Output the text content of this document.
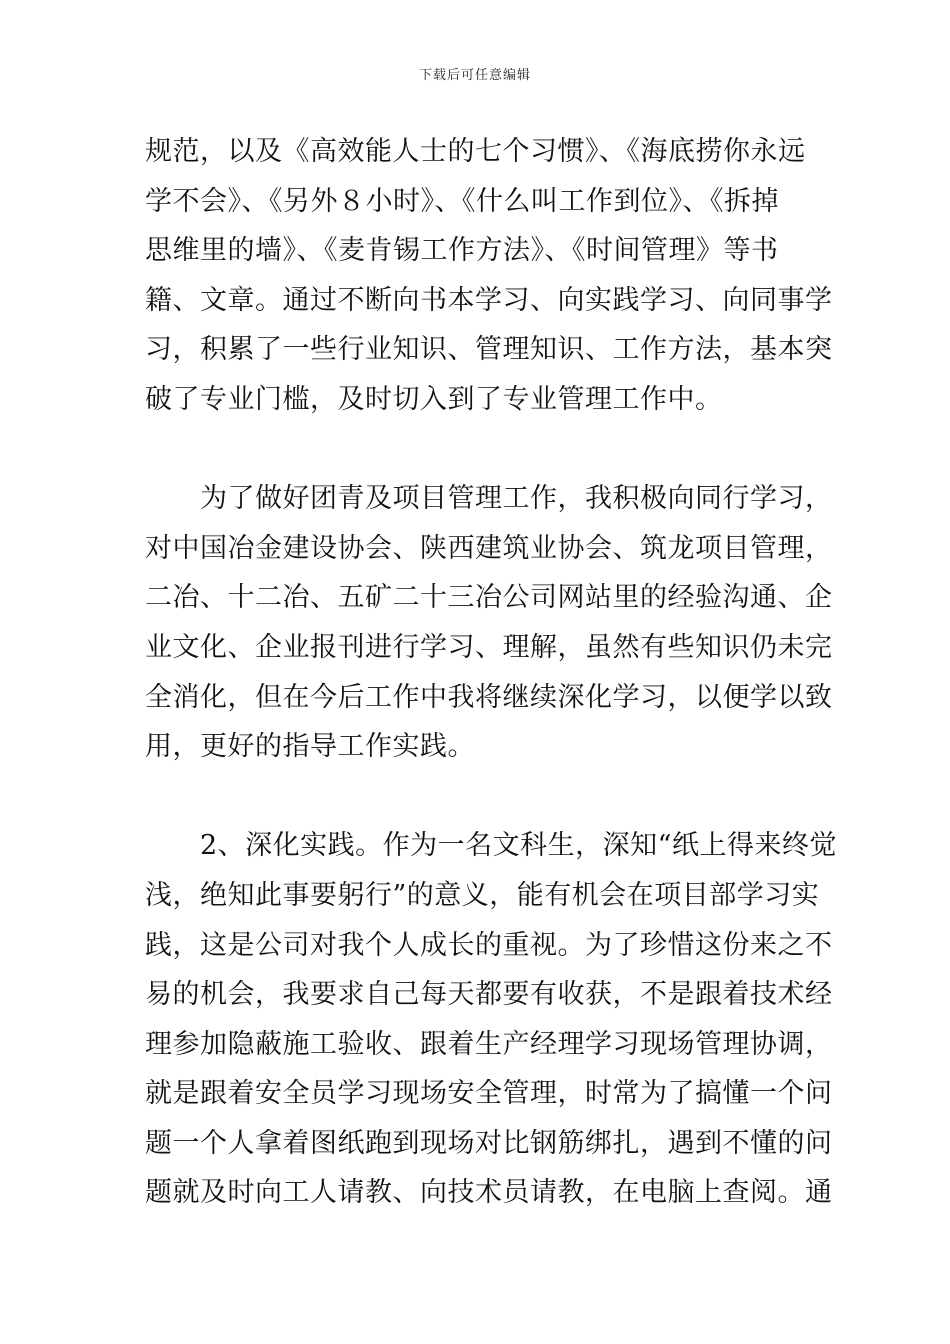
下载后可任意编辑
规范，以及《高效能人士的七个习惯》、《海底捞你永远
学不会》、《另外８小时》、《什么叫工作到位》、《拆掉
思维里的墙》、《麦肯锡工作方法》、《时间管理》等书
籍、文章。通过不断向书本学习、向实践学习、向同事学
习，积累了一些行业知识、管理知识、工作方法，基本突
破了专业门槛，及时切入到了专业管理工作中。
　　为了做好团青及项目管理工作，我积极向同行学习，
对中国冶金建设协会、陕西建筑业协会、筑龙项目管理，
二冶、十二冶、五矿二十三冶公司网站里的经验沟通、企
业文化、企业报刊进行学习、理解，虽然有些知识仍未完
全消化，但在今后工作中我将继续深化学习，以便学以致
用，更好的指导工作实践。
　　2、深化实践。作为一名文科生，深知“纸上得来终觉
浅，绝知此事要躬行”的意义，能有机会在项目部学习实
践，这是公司对我个人成长的重视。为了珍惜这份来之不
易的机会，我要求自己每天都要有收获，不是跟着技术经
理参加隐蔽施工验收、跟着生产经理学习现场管理协调，
就是跟着安全员学习现场安全管理，时常为了搞懂一个问
题一个人拿着图纸跑到现场对比钢筋绑扎，遇到不懂的问
题就及时向工人请教、向技术员请教，在电脑上查阅。通
